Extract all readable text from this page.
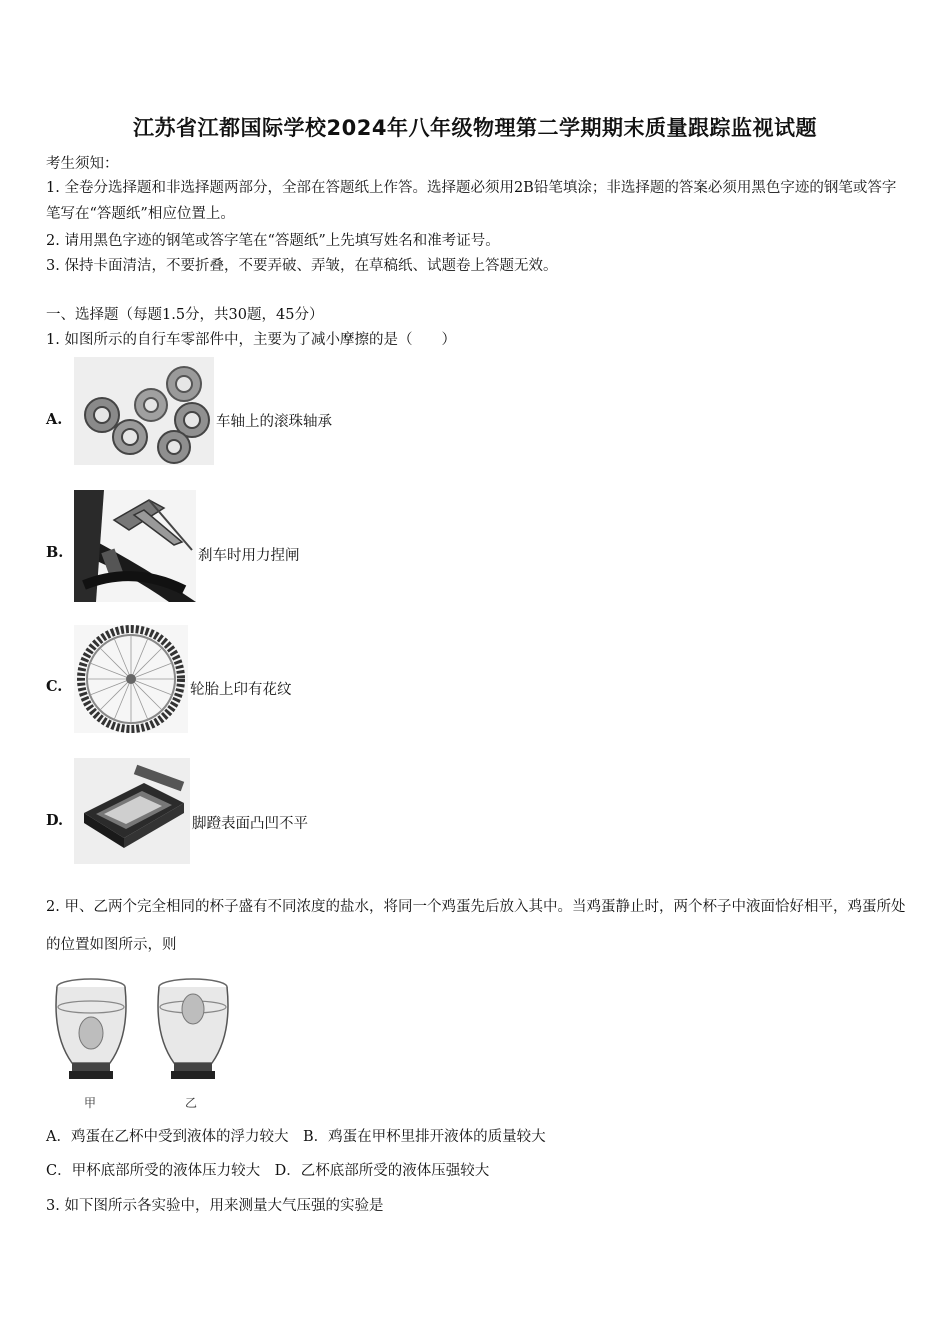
江苏省江都国际学校2024年八年级物理第二学期期末质量跟踪监视试题
考生须知：
1. 全卷分选择题和非选择题两部分，全部在答题纸上作答。选择题必须用2B铅笔填涂；非选择题的答案必须用黑色字迹的钢笔或答字笔写在“答题纸”相应位置上。
2. 请用黑色字迹的钢笔或答字笔在“答题纸”上先填写姓名和准考证号。
3. 保持卡面清洁，不要折叠，不要弄破、弄皱，在草稿纸、试题卷上答题无效。
一、选择题（每题1.5分，共30题，45分）
1. 如图所示的自行车零部件中，主要为了减小摩擦的是（　　）
A.	车轴上的滚珠轴承
B.	刹车时用力捏闸
C.	轮胎上印有花纹
D.	脚蹬表面凸凹不平
2. 甲、乙两个完全相同的杯子盛有不同浓度的盐水，将同一个鸡蛋先后放入其中。当鸡蛋静止时，两个杯子中液面恰好相平，鸡蛋所处的位置如图所示，则
甲	乙
A．鸡蛋在乙杯中受到液体的浮力较大　B．鸡蛋在甲杯里排开液体的质量较大
C．甲杯底部所受的液体压力较大　D．乙杯底部所受的液体压强较大
3. 如下图所示各实验中，用来测量大气压强的实验是
